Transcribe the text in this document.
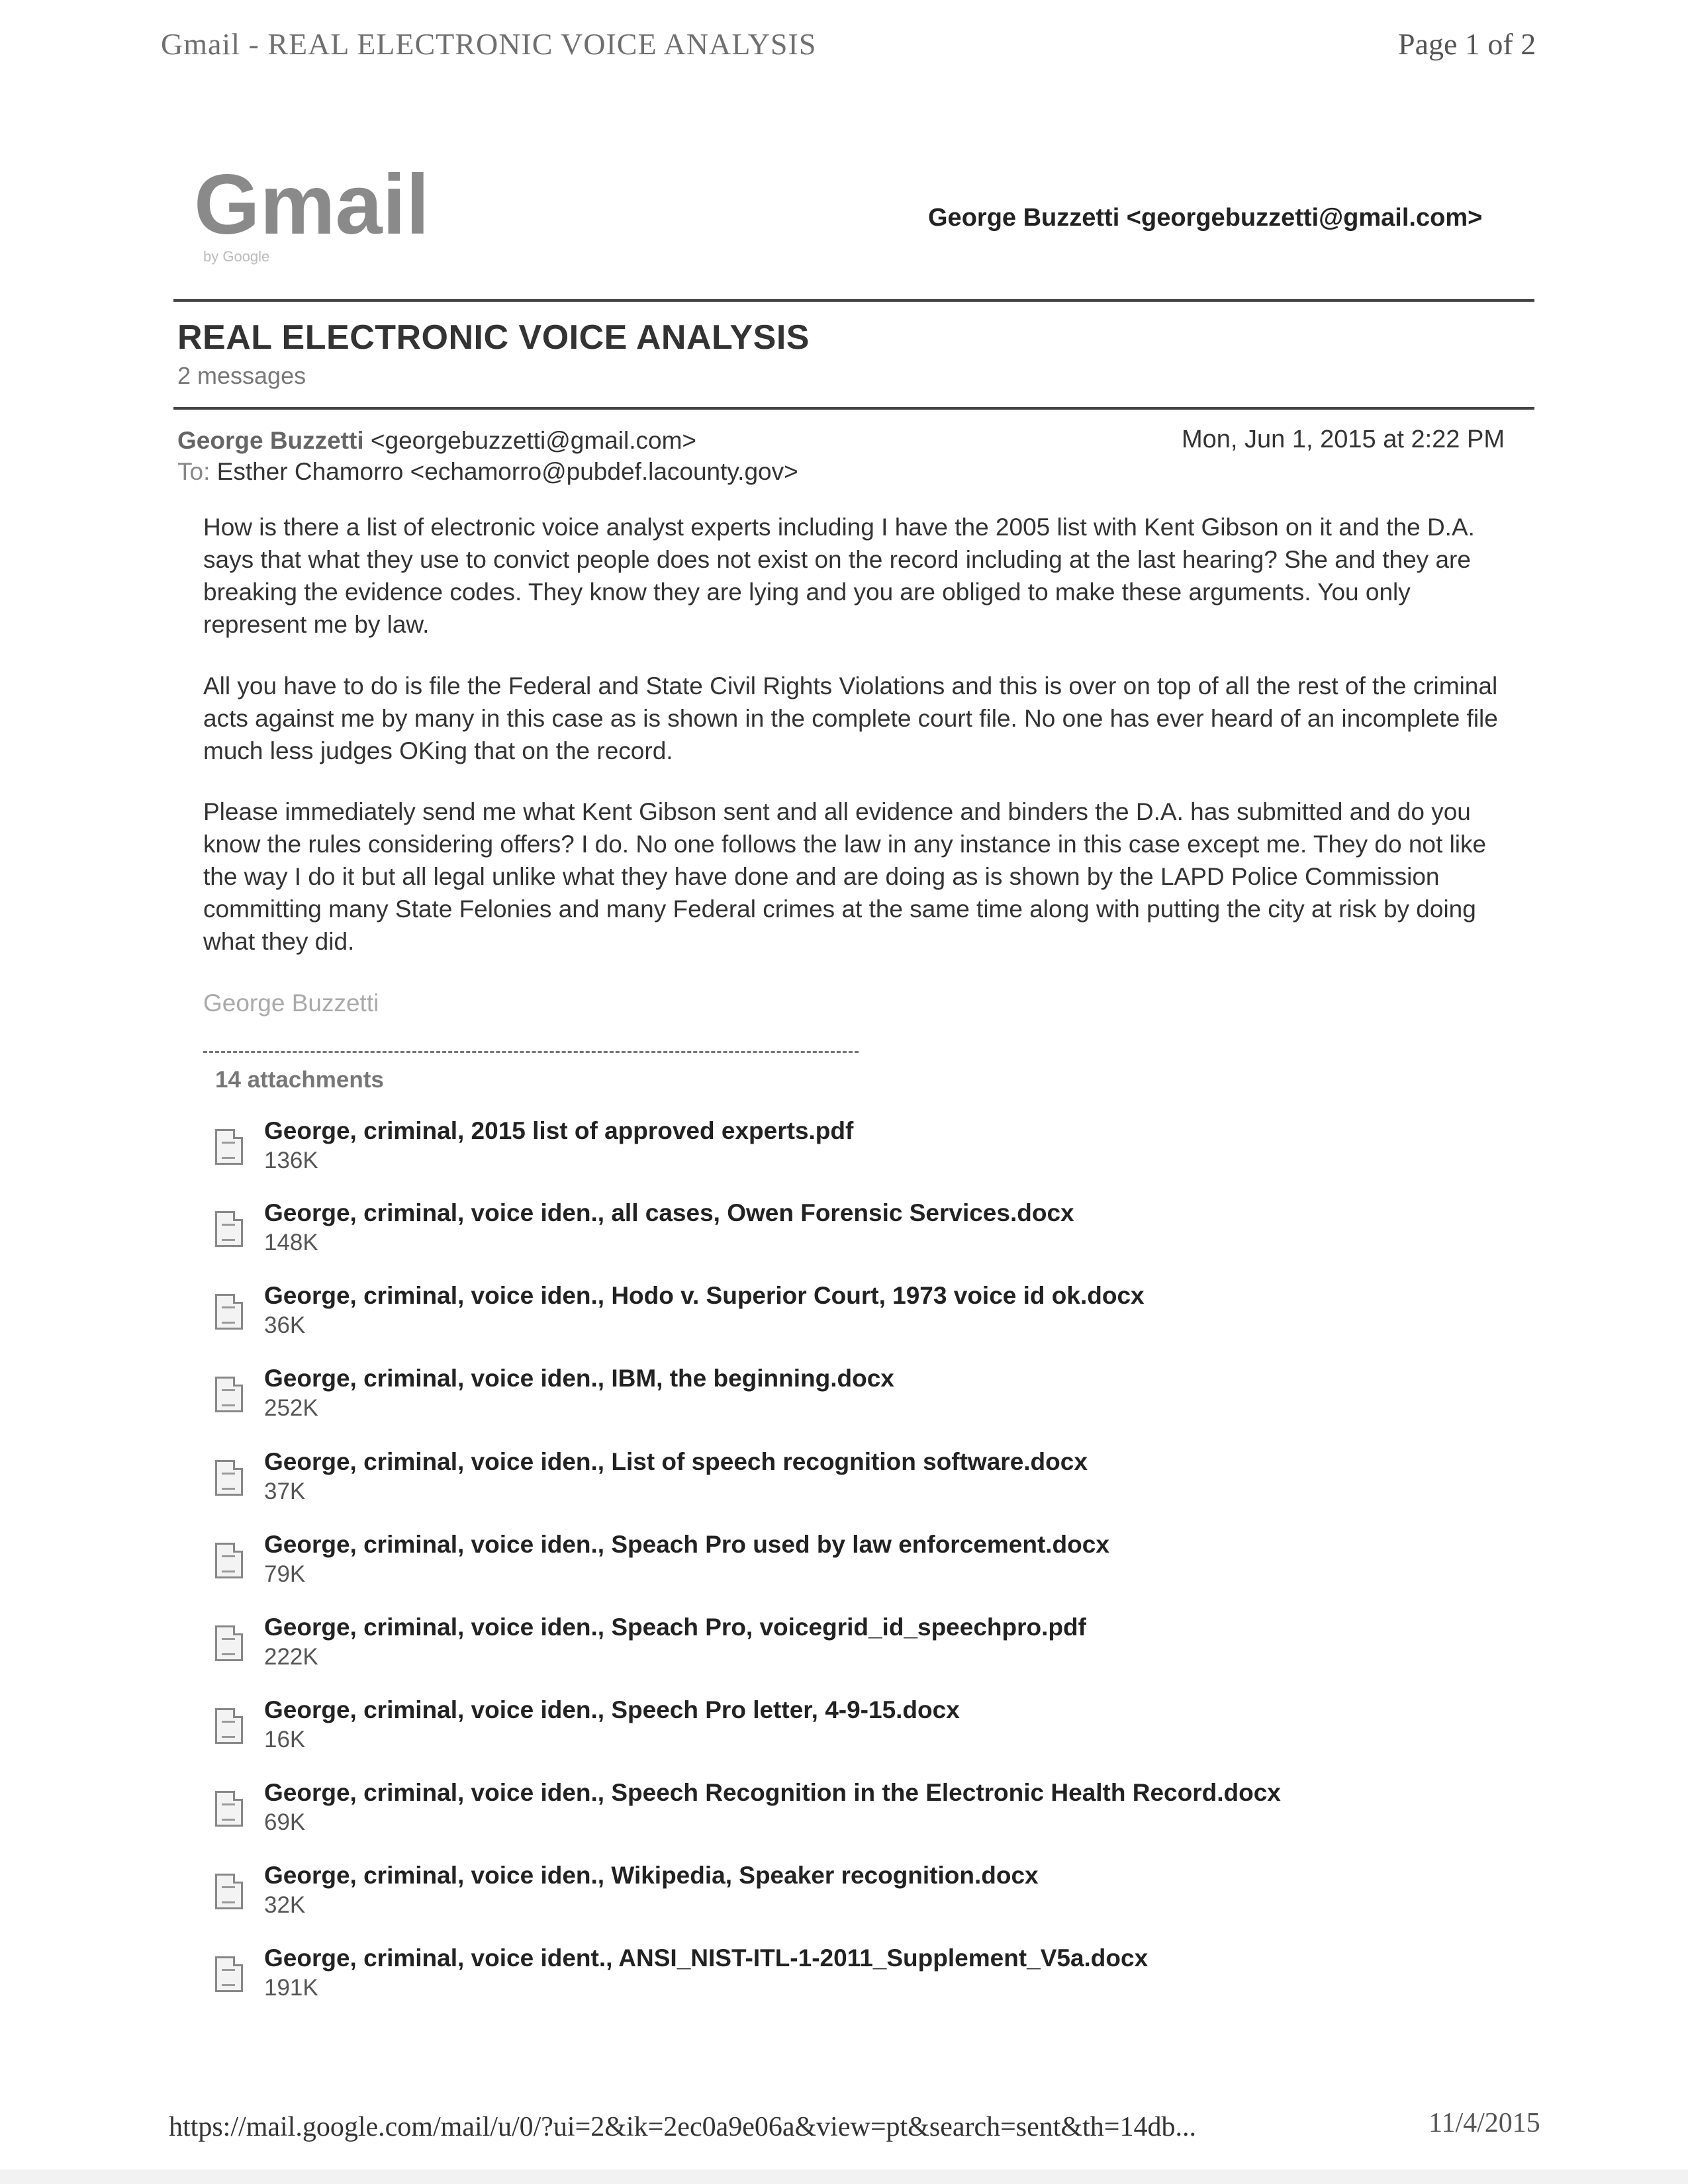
Gmail - REAL ELECTRONIC VOICE ANALYSIS	Page 1 of 2
Gmail
by Google
George Buzzetti <georgebuzzetti@gmail.com>
REAL ELECTRONIC VOICE ANALYSIS
2 messages
George Buzzetti <georgebuzzetti@gmail.com>
To: Esther Chamorro <echamorro@pubdef.lacounty.gov>
Mon, Jun 1, 2015 at 2:22 PM
How is there a list of electronic voice analyst experts including I have the 2005 list with Kent Gibson on it and the D.A. says that what they use to convict people does not exist on the record including at the last hearing? She and they are breaking the evidence codes. They know they are lying and you are obliged to make these arguments. You only represent me by law.
All you have to do is file the Federal and State Civil Rights Violations and this is over on top of all the rest of the criminal acts against me by many in this case as is shown in the complete court file. No one has ever heard of an incomplete file much less judges OKing that on the record.
Please immediately send me what Kent Gibson sent and all evidence and binders the D.A. has submitted and do you know the rules considering offers? I do. No one follows the law in any instance in this case except me. They do not like the way I do it but all legal unlike what they have done and are doing as is shown by the LAPD Police Commission committing many State Felonies and many Federal crimes at the same time along with putting the city at risk by doing what they did.
George Buzzetti
14 attachments
George, criminal, 2015 list of approved experts.pdf
136K
George, criminal, voice iden., all cases, Owen Forensic Services.docx
148K
George, criminal, voice iden., Hodo v. Superior Court, 1973 voice id ok.docx
36K
George, criminal, voice iden., IBM, the beginning.docx
252K
George, criminal, voice iden., List of speech recognition software.docx
37K
George, criminal, voice iden., Speach Pro used by law enforcement.docx
79K
George, criminal, voice iden., Speach Pro, voicegrid_id_speechpro.pdf
222K
George, criminal, voice iden., Speech Pro letter, 4-9-15.docx
16K
George, criminal, voice iden., Speech Recognition in the Electronic Health Record.docx
69K
George, criminal, voice iden., Wikipedia, Speaker recognition.docx
32K
George, criminal, voice ident., ANSI_NIST-ITL-1-2011_Supplement_V5a.docx
191K
https://mail.google.com/mail/u/0/?ui=2&ik=2ec0a9e06a&view=pt&search=sent&th=14db...	11/4/2015
